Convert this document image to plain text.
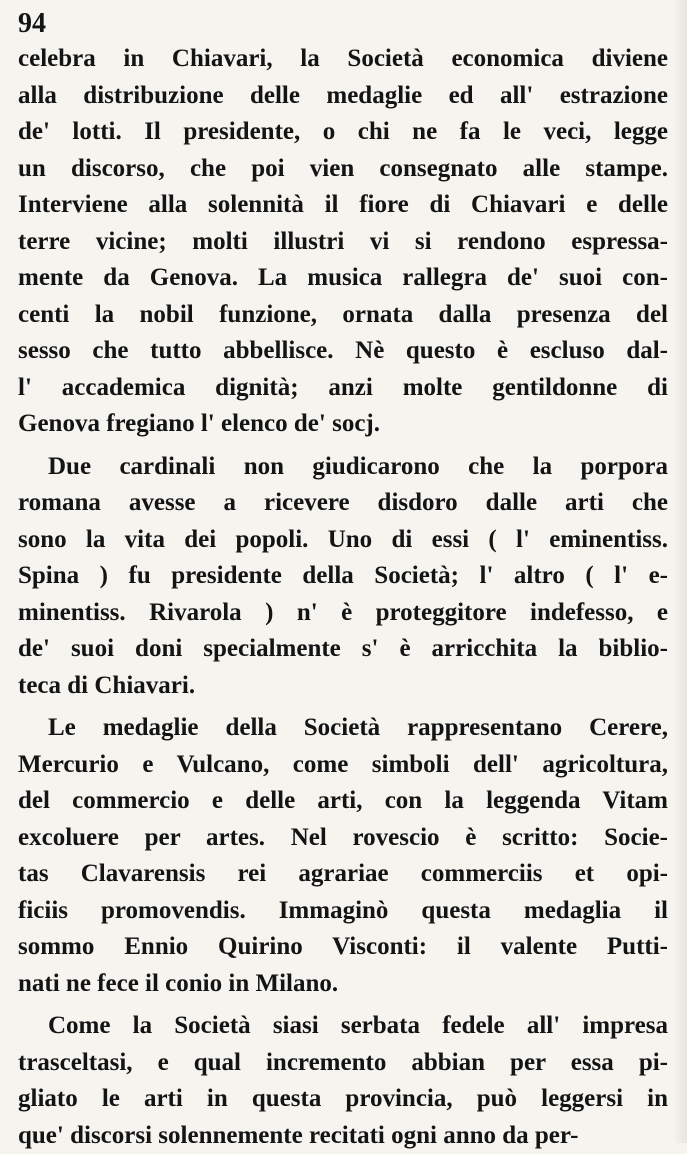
94
celebra in Chiavari, la Società economica diviene
alla distribuzione delle medaglie ed all' estrazione
de' lotti. Il presidente, o chi ne fa le veci, legge
un discorso, che poi vien consegnato alle stampe.
Interviene alla solennità il fiore di Chiavari e delle
terre vicine; molti illustri vi si rendono espressa-
mente da Genova. La musica rallegra de' suoi con-
centi la nobil funzione, ornata dalla presenza del
sesso che tutto abbellisce. Nè questo è escluso dal-
l' accademica dignità; anzi molte gentildonne di
Genova fregiano l' elenco de' socj.
Due cardinali non giudicarono che la porpora
romana avesse a ricevere disdoro dalle arti che
sono la vita dei popoli. Uno di essi ( l' eminentiss.
Spina ) fu presidente della Società; l' altro ( l' e-
minentiss. Rivarola ) n' è proteggitore indefesso, e
de' suoi doni specialmente s' è arricchita la biblio-
teca di Chiavari.
Le medaglie della Società rappresentano Cerere,
Mercurio e Vulcano, come simboli dell' agricoltura,
del commercio e delle arti, con la leggenda Vitam
excoluere per artes. Nel rovescio è scritto: Socie-
tas Clavarensis rei agrariae commerciis et opi-
ficiis promovendis. Immaginò questa medaglia il
sommo Ennio Quirino Visconti: il valente Putti-
nati ne fece il conio in Milano.
Come la Società siasi serbata fedele all' impresa
trasceltasi, e qual incremento abbian per essa pi-
gliato le arti in questa provincia, può leggersi in
que' discorsi solennemente recitati ogni anno da per-
